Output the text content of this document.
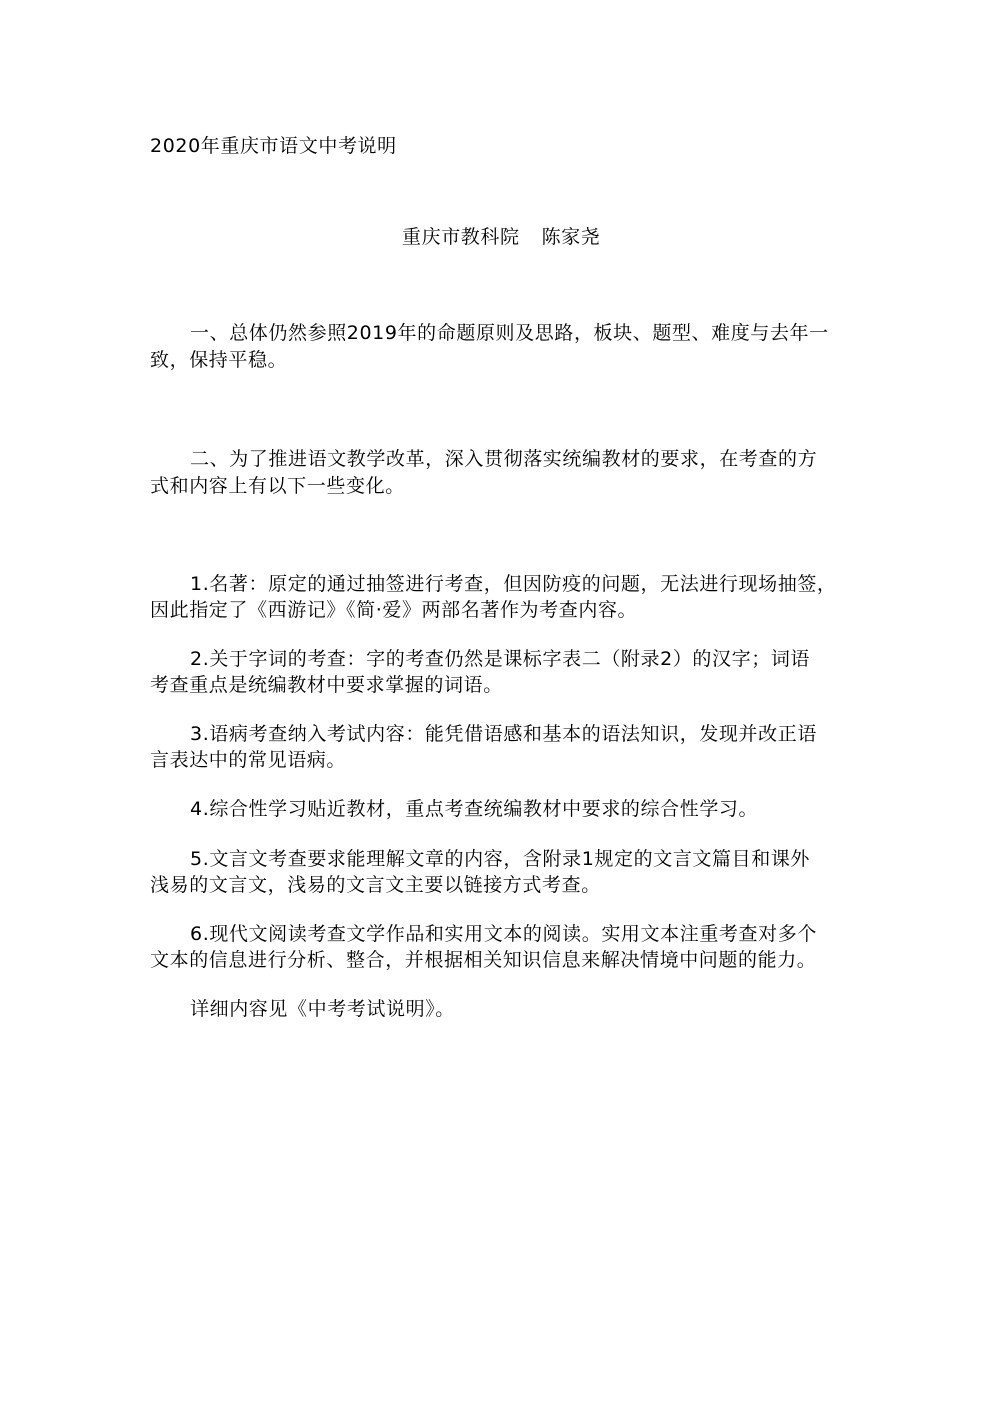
2020年重庆市语文中考说明
重庆市教科院 陈家尧
一、总体仍然参照2019年的命题原则及思路，板块、题型、难度与去年一
致，保持平稳。
二、为了推进语文教学改革，深入贯彻落实统编教材的要求，在考查的方
式和内容上有以下一些变化。
1.名著：原定的通过抽签进行考查，但因防疫的问题，无法进行现场抽签，
因此指定了《西游记》《简·爱》两部名著作为考查内容。
2.关于字词的考查：字的考查仍然是课标字表二（附录2）的汉字；词语
考查重点是统编教材中要求掌握的词语。
3.语病考查纳入考试内容：能凭借语感和基本的语法知识，发现并改正语
言表达中的常见语病。
4.综合性学习贴近教材，重点考查统编教材中要求的综合性学习。
5.文言文考查要求能理解文章的内容，含附录1规定的文言文篇目和课外
浅易的文言文，浅易的文言文主要以链接方式考查。
6.现代文阅读考查文学作品和实用文本的阅读。实用文本注重考查对多个
文本的信息进行分析、整合，并根据相关知识信息来解决情境中问题的能力。
详细内容见《中考考试说明》。
